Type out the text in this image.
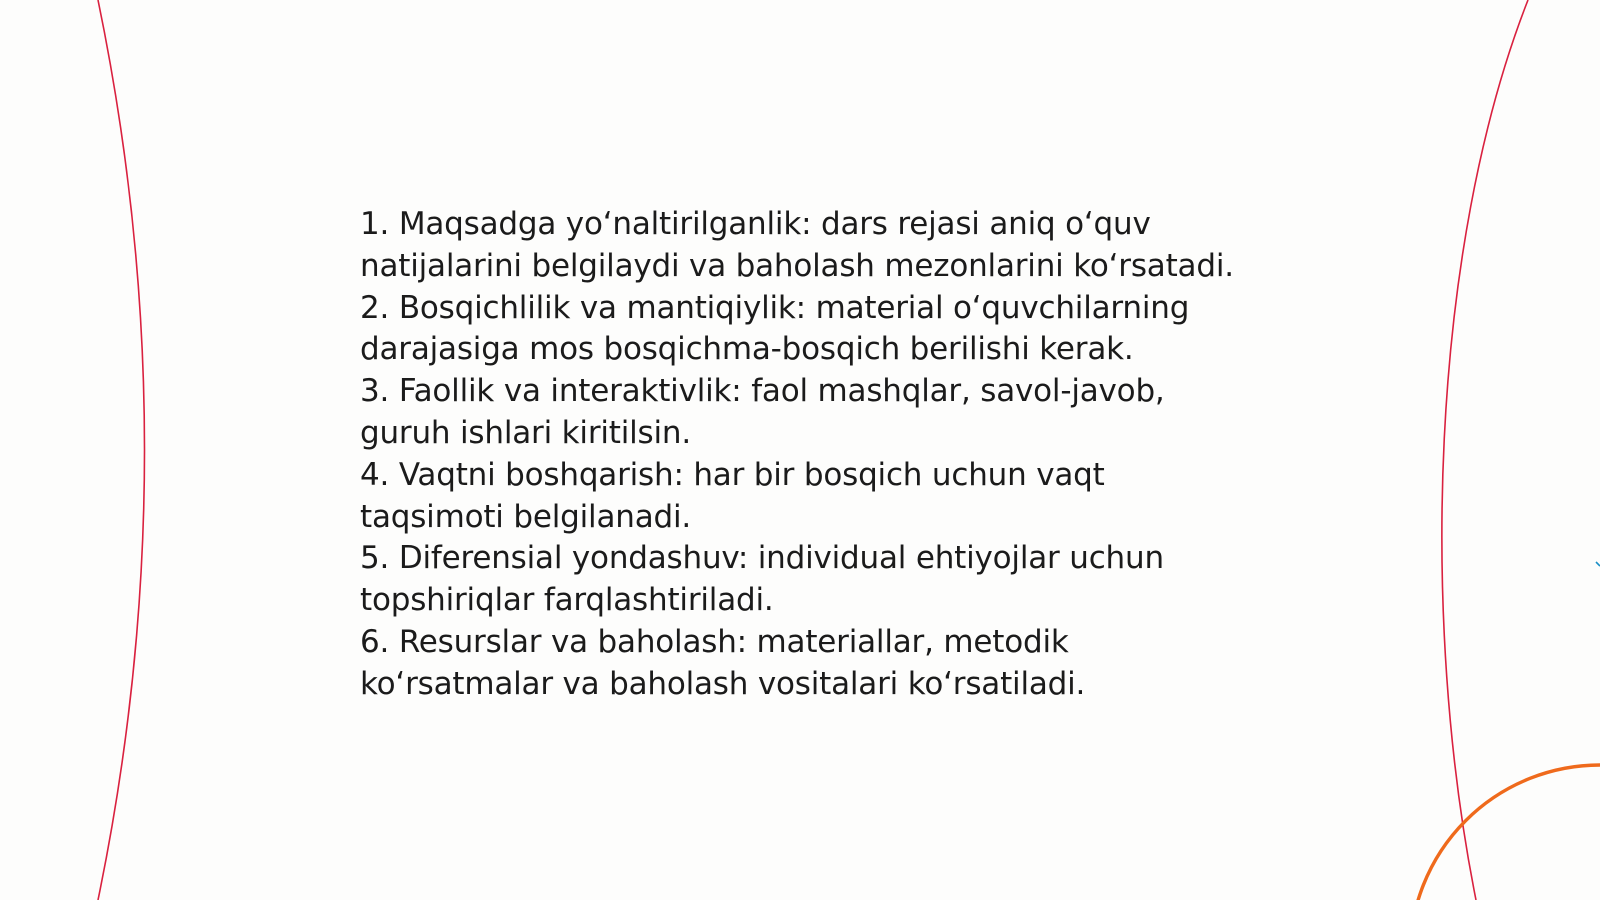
1. Maqsadga yo‘naltirilganlik: dars rejasi aniq o‘quv natijalarini belgilaydi va baholash mezonlarini ko‘rsatadi.

2. Bosqichlilik va mantiqiylik: material o‘quvchilarning darajasiga mos bosqichma-bosqich berilishi kerak.

3. Faollik va interaktivlik: faol mashqlar, savol-javob, guruh ishlari kiritilsin.

4. Vaqtni boshqarish: har bir bosqich uchun vaqt taqsimoti belgilanadi.

5. Diferensial yondashuv: individual ehtiyojlar uchun topshiriqlar farqlashtiriladi.

6. Resurslar va baholash: materiallar, metodik ko‘rsatmalar va baholash vositalari ko‘rsatiladi.
